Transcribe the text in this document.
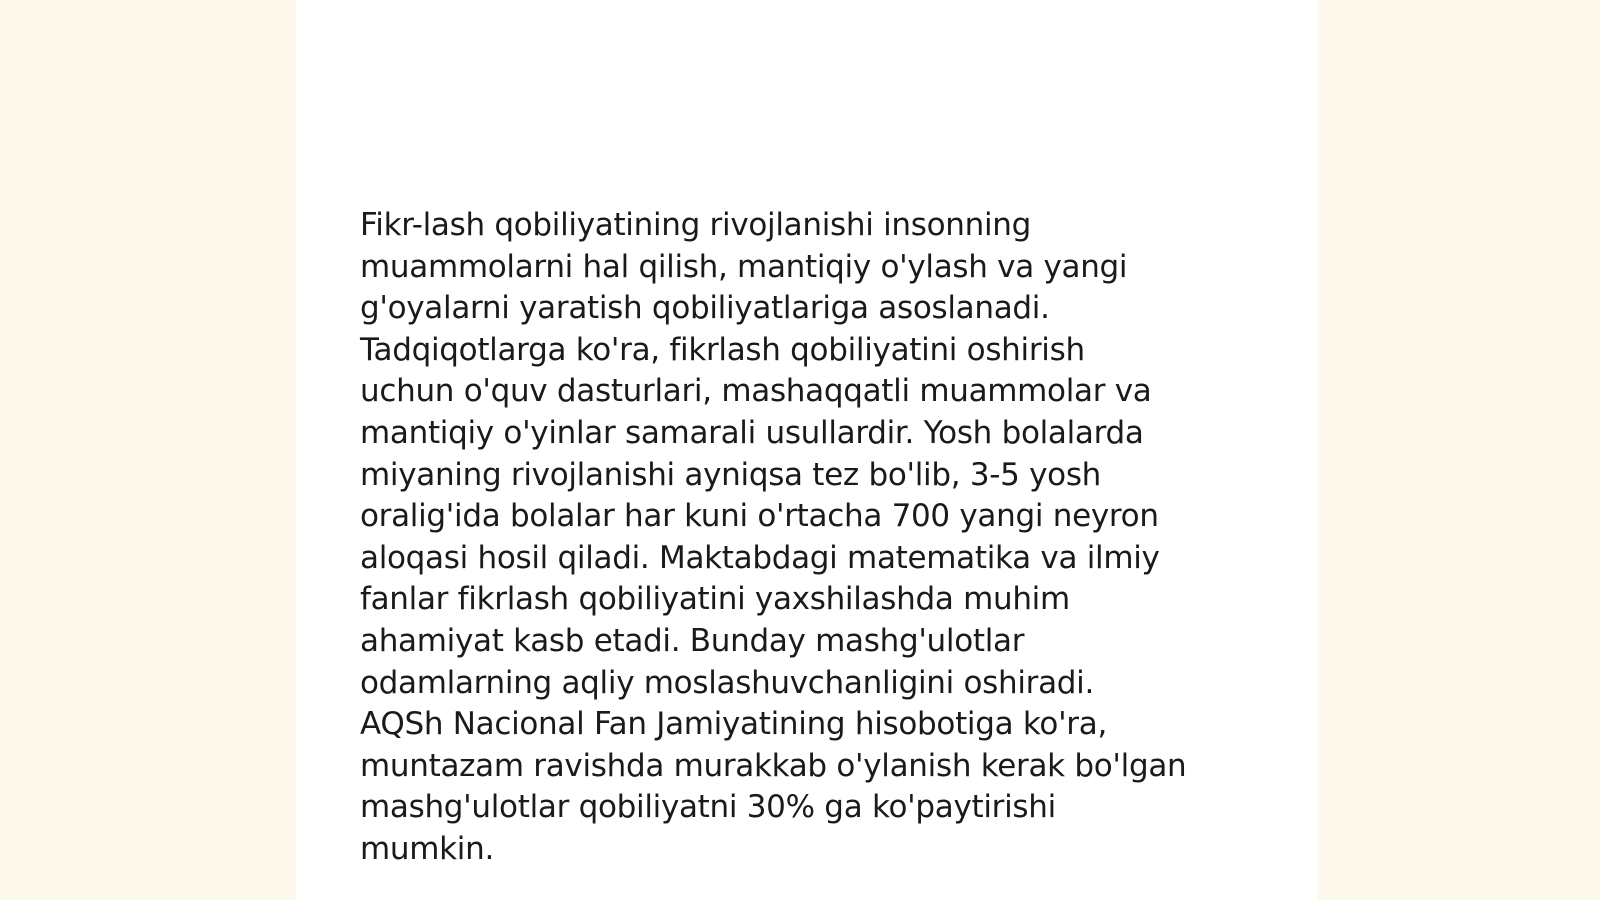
Fikr-lash qobiliyatining rivojlanishi insonning
muammolarni hal qilish, mantiqiy o'ylash va yangi
g'oyalarni yaratish qobiliyatlariga asoslanadi.
Tadqiqotlarga ko'ra, fikrlash qobiliyatini oshirish
uchun o'quv dasturlari, mashaqqatli muammolar va
mantiqiy o'yinlar samarali usullardir. Yosh bolalarda
miyaning rivojlanishi ayniqsa tez bo'lib, 3-5 yosh
oralig'ida bolalar har kuni o'rtacha 700 yangi neyron
aloqasi hosil qiladi. Maktabdagi matematika va ilmiy
fanlar fikrlash qobiliyatini yaxshilashda muhim
ahamiyat kasb etadi. Bunday mashg'ulotlar
odamlarning aqliy moslashuvchanligini oshiradi.
AQSh Nacional Fan Jamiyatining hisobotiga ko'ra,
muntazam ravishda murakkab o'ylanish kerak bo'lgan
mashg'ulotlar qobiliyatni 30% ga ko'paytirishi
mumkin.
